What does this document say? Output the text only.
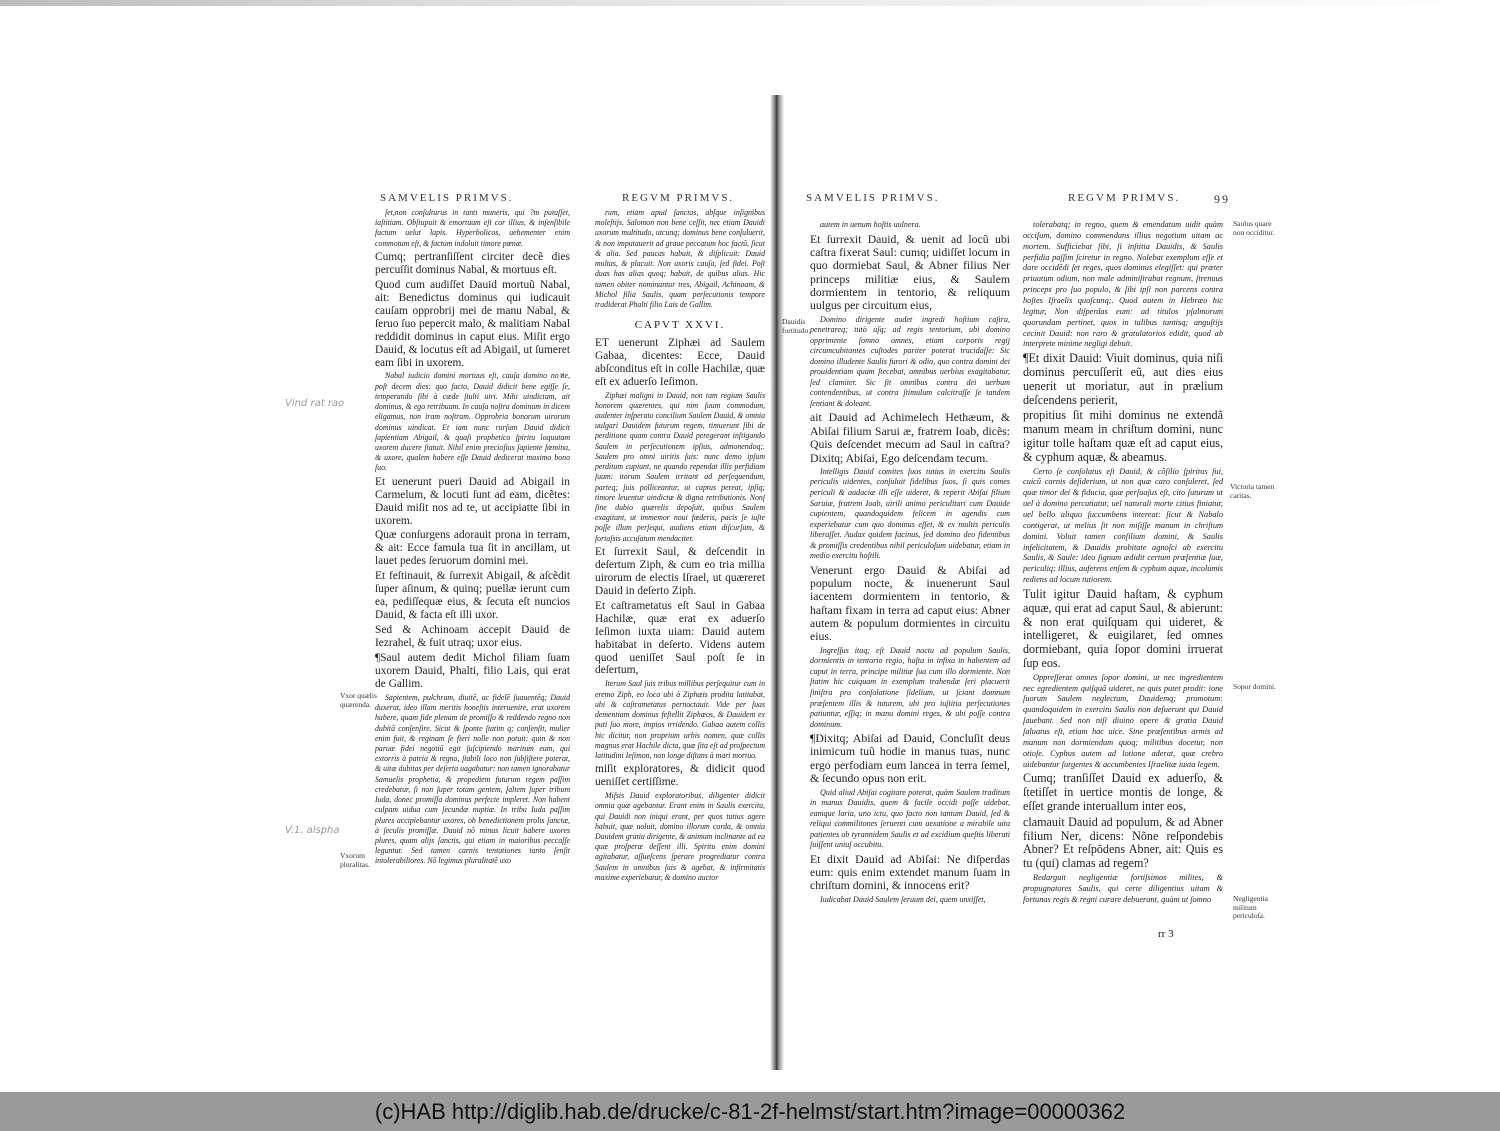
SAMVELIS PRIMVS.	REGVM PRIMVS.

ſet,non conſulturus in tanti muneris, qui ?m putaſſet, iaſtitiam. Obſtupuit & emortuum eſt cor illius, & inſenſibile factum uelut lapis. Hyperbolicos, uehementer enim commotum eſt, & factum indoluit timore pœnæ.

Cumq; pertranſiſſent circiter decẽ dies percuſſit dominus Nabal, & mortuus eſt.

Quod cum audiſſet Dauid mortuũ Nabal, ait: Benedictus dominus qui iudicauit cauſam opprobrij mei de manu Nabal, & ſeruo ſuo pepercit malo, & malitiam Nabal reddidit dominus in caput eius. Miſit ergo Dauid, & locutus eſt ad Abigail, ut ſumeret eam ſibi in uxorem.

Nabal iudicio domini mortuus eſt, cauſa domino noꝛte, poſt decem dies: quo facto, Dauid didicit bene egiſſe ſe, temperando ſibi à cæde ſtulti uiri. Mihi uindictam, ait dominus, & ego retribuam. In cauſa noſtra dominum in dicem eligamus, non iram noſtram. Opprobria bonorum uirorum dominus uindicat. Et iam nunc rurſum Dauid didicit ſapientiam Abigail, & quaſi prophetico ſpiritu loquutam uxorem ducere ſtatuit. Nihil enim precioſius ſapiente fœmina, & uxore, qualem habere eſſe Dauid dedicerat maximo bono ſuo.

Et uenerunt pueri Dauid ad Abigail in Carmelum, & locuti ſunt ad eam, dicẽtes: Dauid miſit nos ad te, ut accipiatte ſibi in uxorem.

Quæ conſurgens adorauit prona in terram, & ait: Ecce famula tua ſit in ancillam, ut lauet pedes ſeruorum domini mei.

Et feſtinauit, & ſurrexit Abigail, & aſcẽdit ſuper aſinum, & quinq; puellæ ierunt cum ea, pediſſequæ eius, & ſecuta eſt nuncios Dauid, & facta eſt illi uxor.

Sed & Achinoam accepit Dauid de Iezrahel, & fuit utraq; uxor eius.

¶Saul autem dedit Michol filiam ſuam uxorem Dauid, Phalti, filio Lais, qui erat de Gallim.

Sapientem, pulchram, diuitẽ, ac fidelẽ ſuauentẽq; Dauid duxerat, ideo illam meritis honeſtis interuenire, erat uxorem habere, quam ſide plenam de promiſſo & reddendo regno non dubitã conſenſire. Sicut & ſponte ſtatim q; conſenſit, mulier enim fuit, & reginam ſe fieri nolle non potuit: quin & non paruæ fidei negotiũ egit ſuſcipiendo maritum eum, qui extorris à patria & regno, ſtabili loco non ſubſiſtere poterat, & uitæ dubitas per deſerta uagabatur: non tamen ignorabatur Samuelis prophetia, & propediem futurum regem paſſim credebatur, ſi non ſuper totam gentem, ſaltem ſuper tribum Iuda, donec promiſſa dominus perfecte impleret. Non habent culpam uidua cum ſecundæ nuptiæ. In tribu Iuda paſſim plures accipiebantur uxores, ob benedictionem prolis ſanctæ, à ſeculis promiſſæ. Dauid nõ minus licuit habere uxores plures, quam alijs ſanctis, qui etiam in maioribus peccaſſe leguntur. Sed tamen carnis tentationes tanto ſenſit intolerabiliores. Nõ legimus pluralitatẽ uxo

rum, etiam apud ſanctos, abſque inſignibus moleſtijs. Salomon non bene ceſſit, nec etiam Dauidi uxorum multitudo, utcunq; dominus bene conſuluerit, & non imputauerit ad graue peccatum hoc factũ, ſicut & alia. Sed paucas habuit, & diſplicuit: Dauid multas, & placuit. Non uxoris cauſa, ſed fidei. Poſt duas has alias quoq; habuit, de quibus alias. Hic tamen obiter nominantur tres, Abigail, Achinoam, & Michol filia Saulis, quam perſecutionis tempore tradiderat Phalti filio Lais de Gallim.

CAPVT XXVI.

ET uenerunt Ziphæi ad Saulem Gabaa, dicentes: Ecce, Dauid abſconditus eſt in colle Hachilæ, quæ eſt ex aduerſo Ieſimon.

Ziphæi maligni in Dauid, non tam regium Saulis honorem quærentes, qui nim ſuum commodum, audenter inſperato concilium Saulem Dauid, & omnia uulgari Dauidem futurum regem, timuerunt ſibi de perditione quam contra Dauid peregerant inſtigando Saulem in perſecutionem ipſius, admonendoq;. Saulem pro omni uiritis ſuis: nunc demo ipſum perditum cupiunt, ne quando rependat illis perfidiam ſuam: itorum Saulem irritant ad perſequendum, parteq; ſuis polliceantur, ut captus pereat, ipſiq; timore leuentur uindictæ & digna retributionis. Nonſ ſine dubio quærelis depoſuit, quibus Saulem exagitant, ut immemor noui fœderis, pacis ſe iuſte poſſe illum perſequi, audiens etiam diſcurſum, & fortaſsis accuſatum mendaciter.

Et ſurrexit Saul, & deſcendit in deſertum Ziph, & cum eo tria millia uirorum de electis Iſrael, ut quæreret Dauid in deſerto Ziph.

Et caſtrametatus eſt Saul in Gabaa Hachilæ, quæ erat ex aduerſo Ieſimon iuxta uiam: Dauid autem habitabat in deſerto. Videns autem quod ueniſſet Saul poſt ſe in deſertum,

Iterum Saul ſuis tribus millibus perſequitur cum in eremo Ziph, eo loco ubi à Ziphæis prodita latitabat, ubi & caſtrametatus pernoctauit. Vide per ſuas dementiam dominus feſtellit Ziphæos, & Dauidem ex puti ſuo more, impios irridendo. Gabaa autem collis hic dicitur, non proprium urbis nomen, quæ collis magnus erat Hachile dicta, quæ ſita eſt ad proſpectum latitudini Ieſimon, non longe diſtans à mari mortuo.

miſit exploratores, & didicit quod ueniſſet certiſſime.

Miſsis Dauid exploratoribus, diligenter didicit omnia quæ agebantur. Erant enim in Saulis exercitu, qui Dauidi non iniqui erant, per quos tutius agere habuit, quæ uoluit, domino illorum corda, & omnia Dauidem gratia dirigente, & animum inclinante ad ea quæ proſperæ deſſent illi. Spiritu enim domini agitabatur, aſſueſcens ſperare progrediatur contra Saulem in omnibus ſuis & agebat, & infirmitatis maxime experiebatur, & domino auctor

Vxor quælis quærenda.
Vxorum pluralitas.
Vind rat rao
V.1. alspha
SAMVELIS PRIMVS.	REGVM PRIMVS.	99

autem in uenum hoſtis uulnera.

Et ſurrexit Dauid, & uenit ad locũ ubi caſtra fixerat Saul: cumq; uidiſſet locum in quo dormiebat Saul, & Abner filius Ner princeps militiæ eius, & Saulem dormientem in tentorio, & reliquum uulgus per circuitum eius,

Domino dirigente audet ingredi hoſtium caſtra, penetrareq; tutò uſq; ad regis tentorium, ubi domino opprimente ſomno omnes, etiam corporis regij circumcubitantes cuſtodes pariter poterat trucidaſſe: Sic domino illudente Saulis furori & odio, quo contra domini dei prouidentiam quam ſtecebat, omnibus uerbius exagitabatur, ſed clamiter. Sic fit omnibus contra dei uerbum contendentibus, ut contra ſtimulum calcitraſſe ſe tandem ſentiant & doleant.

ait Dauid ad Achimelech Hethæum, & Abiſai filium Sarui æ, fratrem Ioab, dicẽs: Quis deſcendet mecum ad Saul in caſtra? Dixitq; Abiſai, Ego deſcendam tecum.

Intelligis Dauid comites ſuos tutius in exercitu Saulis periculis uidentes, conſuluit ſidelibus ſuos, ſi quis comes periculi & audaciæ illi eſſe uideret, & reperit Abiſai filium Saruiæ, fratrem Ioab, uirili animo periculitari cum Dauide cupientem, quandoquidem felicem in agendis cum experiebatur cum quo dominus eſſet, & ex multis periculis liberaſſet. Audax quidem facinus, ſed domino deo fidentibus & promiſſis credentibus nihil periculoſum uidebatur, etiam in medio exercitu hoſtili.

Venerunt ergo Dauid & Abiſai ad populum nocte, & inuenerunt Saul iacentem dormientem in tentorio, & haſtam fixam in terra ad caput eius: Abner autem & populum dormientes in circuitu eius.

Ingreſſus itaq; eſt Dauid noctu ad populum Saulis, dormientis in tentorio regio, haſta in infixa in habentem ad caput in terra, principe militiæ ſua cum illo dormiente. Non ſtatim hic cuiquam in exemplum trahendæ ſeri placuerit ſiniſtra pro conſolatione ſidelium, ut ſciant domnum præſentem illis & tuturem, ubi pro iuſtitia perſecutiones patiuntur, eſſiq; in manu domini reges, & ubi poſſe contra dominum.

¶Dixitq; Abiſai ad Dauid, Concluſit deus inimicum tuũ hodie in manus tuas, nunc ergo perfodiam eum lancea in terra ſemel, & ſecundo opus non erit.

Quid aliud Abiſai cogitare poterat, quàm Saulem traditum in manus Dauidis, quem & facile occidi poſſe uidebat, eamque laria, uno ictu, quo facto non tantum Dauid, ſed & reliqui commilitones ſeruenti cum uexatione a mirabile uita patientes ob tyrannidem Saulis et ad excidium queſtis liberati ſuiſſent uniuſ occubitu.

Et dixit Dauid ad Abiſai: Ne diſperdas eum: quis enim extendet manum ſuam in chriſtum domini, & innocens erit?

Iudicabat Dauid Saulem ſeruum dei, quem unxiſſet,

tolerabatq; in regno, quem & emendatum uidit quàm occiſum, domino commendans illius negotium uitam ac mortem. Sufficiebat ſibi, ſi inſtitia Dauidis, & Saulis perfidia paſſim ſciretur in regno. Nolebat exemplum eſſe et dare occidẽdi ſet reges, quos dominus elegiſſet: qui præter priuatum odium, non male adminiſtrabat regnum, ſtrenuus princeps pro ſuo populo, & ſibi ipſi non parcens contra hoſtes Iſraelis quoſcunq;. Quod autem in Hebræo hic legitur, Non diſperdas eum: ad titulos pſalmorum quorundam pertinet, quos in talibus tantisq; anguſtijs cecinit Dauid: non raro & gratulatorios edidit, quod ab interprete minime negligi debuit.

¶Et dixit Dauid: Viuit dominus, quia niſi dominus percuſſerit eũ, aut dies eius uenerit ut moriatur, aut in prælium deſcendens perierit,

propitius ſit mihi dominus ne extendã manum meam in chriſtum domini, nunc igitur tolle haſtam quæ eſt ad caput eius, & cyphum aquæ, & abeamus.

Certo ſe conſolatus eſt Dauid, & cõſilio ſpiritus ſui, cuicũ carnis deſiderium, ut non quæ caro conſuleret, ſed quæ timor dei & fiducia, quæ perſuaſus eſt, cito ſuturum ut uel à domino percutiatur, uel naturali morte citius finiatur, uel bello aliquo ſuccumbens intereat: ſicut & Nabalo contigerat, ut melius ſit non miſiſſe manum in chriſtum domini. Voluit tamen conſilium domini, & Saulis infelicitatem, & Dauidis probitate agnoſci ab exercitu Saulis, & Saule: ideo ſignum ædidit certum præſentiæ ſuæ, periculiq; illius, auferens enſem & cyphum aquæ, incolumis rediens ad locum tutiorem.

Tulit igitur Dauid haſtam, & cyphum aquæ, qui erat ad caput Saul, & abierunt: & non erat quiſquam qui uideret, & intelligeret, & euigilaret, ſed omnes dormiebant, quia ſopor domini irruerat ſup eos.

Oppreſſerat omnes ſopor domini, ut nec ingredientem nec egredientem quiſquã uideret, ne quis putet prodit: ione ſuorum Saulem neglectum, Dauidemq; promotum: quandoquidem in exercitu Saulis non deſuerunt qui Dauid ſauebant. Sed non niſi diuino opere & gratia Dauid ſaluatus eſt, etiam hac uice. Sine præſentibus armis ad manum non dormiendum quoq; militibus docetur, non otioſe. Cyphus autem ad lotione aderat, quæ crebro uidebantur ſurgentes & accumbentes Iſraelitæ iuxta legem.

Cumq; tranſiſſet Dauid ex aduerſo, & ſtetiſſet in uertice montis de longe, & eſſet grande interuallum inter eos,

clamauit Dauid ad populum, & ad Abner filium Ner, dicens: Nõne reſpondebis Abner? Et reſpõdens Abner, ait: Quis es tu (qui) clamas ad regem?

Redarguit negligentiæ fortiſsimos milites, & propugnatores Saulis, qui certe diligentius uitam & fortunas regis & regni curare debuerant, quàm ut ſomno

Saulus quare non occiditur.
Dauidis fortitudo.
Victoria tamen caritas.
Sopor domini.
Negligentia militum periculoſa.
rr 3
(c)HAB http://diglib.hab.de/drucke/c-81-2f-helmst/start.htm?image=00000362
